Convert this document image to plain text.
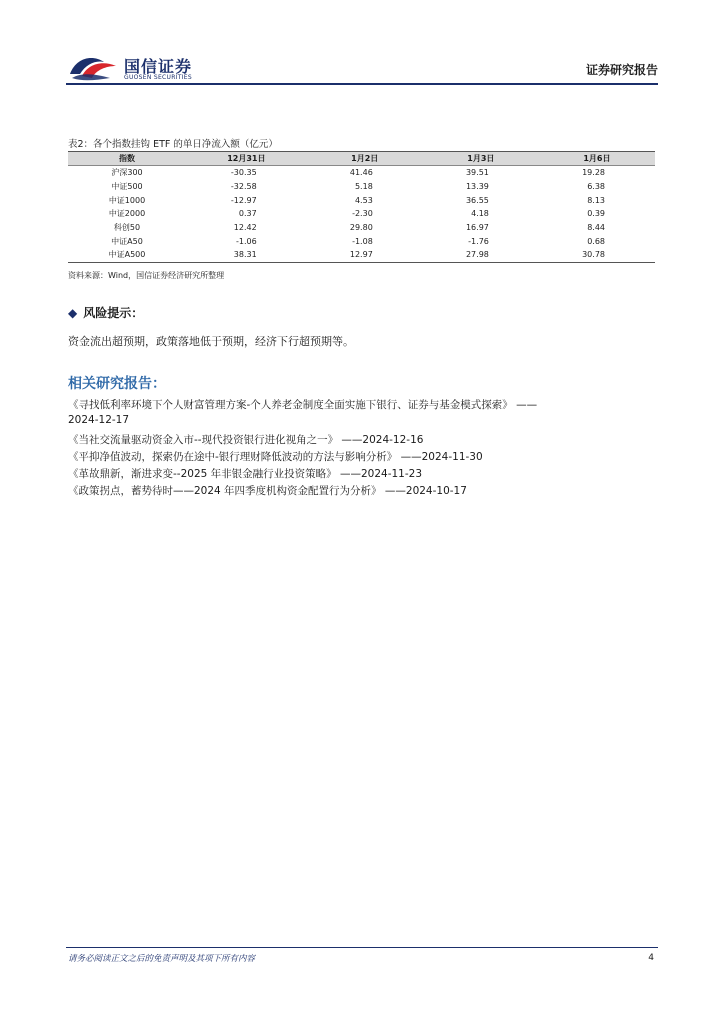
国信证券
GUOSEN SECURITIES
证券研究报告
表2：各个指数挂钩 ETF 的单日净流入额（亿元）
指数	12月31日	1月2日	1月3日	1月6日
沪深300	-30.35	41.46	39.51	19.28
中证500	-32.58	5.18	13.39	6.38
中证1000	-12.97	4.53	36.55	8.13
中证2000	0.37	-2.30	4.18	0.39
科创50	12.42	29.80	16.97	8.44
中证A50	-1.06	-1.08	-1.76	0.68
中证A500	38.31	12.97	27.98	30.78
资料来源：Wind，国信证券经济研究所整理
◆ 风险提示：
资金流出超预期，政策落地低于预期，经济下行超预期等。
相关研究报告：
《寻找低利率环境下个人财富管理方案-个人养老金制度全面实施下银行、证券与基金模式探索》 ——
2024-12-17
《当社交流量驱动资金入市--现代投资银行进化视角之一》 ——2024-12-16
《平抑净值波动，探索仍在途中-银行理财降低波动的方法与影响分析》 ——2024-11-30
《革故鼎新，渐进求变--2025 年非银金融行业投资策略》 ——2024-11-23
《政策拐点，蓄势待时——2024 年四季度机构资金配置行为分析》 ——2024-10-17
请务必阅读正文之后的免责声明及其项下所有内容	4
